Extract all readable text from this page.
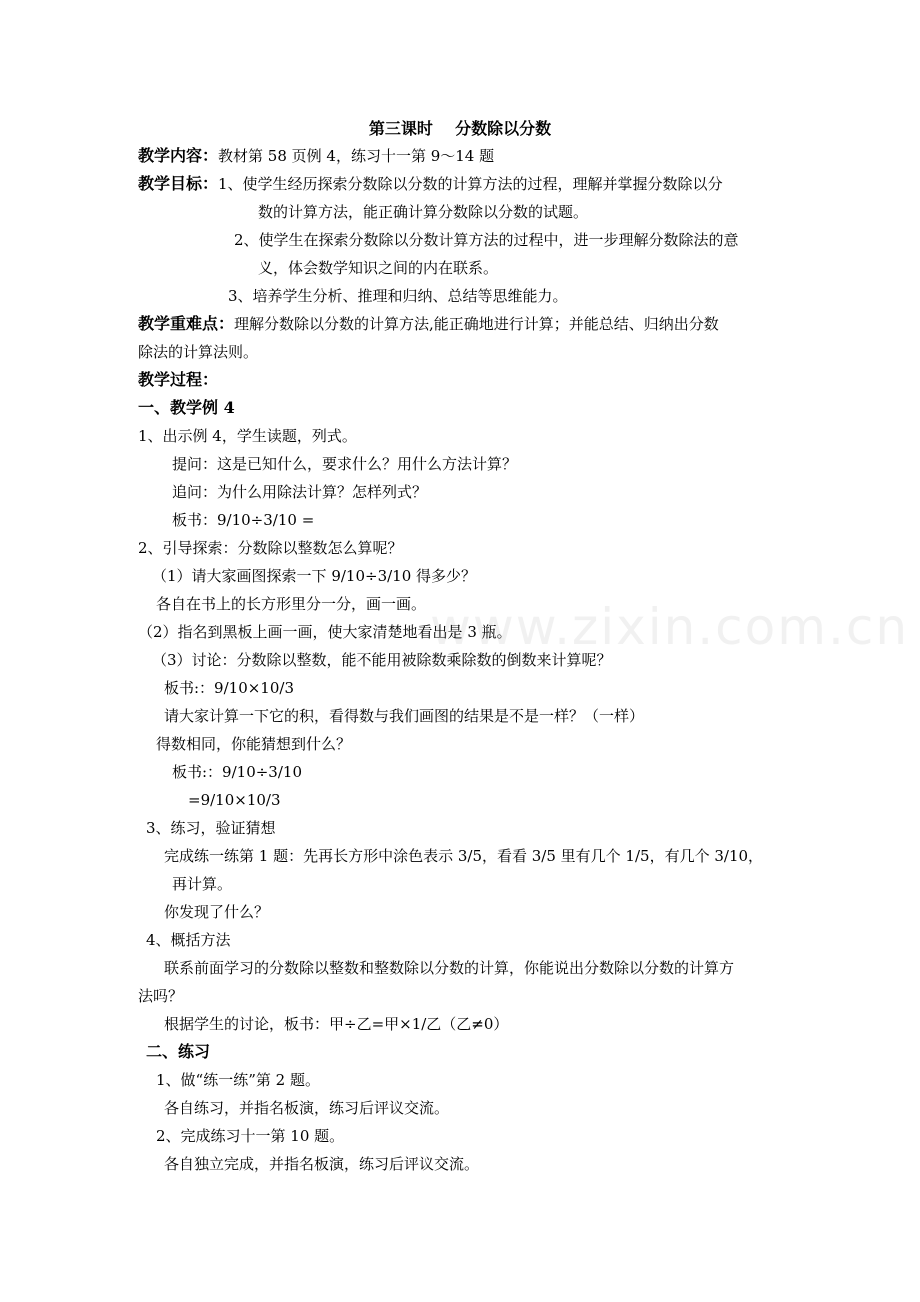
www.zixin.com.cn
第三课时    分数除以分数
教学内容：教材第 58 页例 4，练习十一第 9～14 题
教学目标：1、使学生经历探索分数除以分数的计算方法的过程，理解并掌握分数除以分
数的计算方法，能正确计算分数除以分数的试题。
2、使学生在探索分数除以分数计算方法的过程中，进一步理解分数除法的意
义，体会数学知识之间的内在联系。
3、培养学生分析、推理和归纳、总结等思维能力。
教学重难点：理解分数除以分数的计算方法,能正确地进行计算；并能总结、归纳出分数
除法的计算法则。
教学过程：
一、教学例 4
1、出示例 4，学生读题，列式。
提问：这是已知什么，要求什么？用什么方法计算？
追问：为什么用除法计算？怎样列式？
板书：9/10÷3/10 =
2、引导探索：分数除以整数怎么算呢？
（1）请大家画图探索一下 9/10÷3/10 得多少？
各自在书上的长方形里分一分，画一画。
（2）指名到黑板上画一画，使大家清楚地看出是 3 瓶。
（3）讨论：分数除以整数，能不能用被除数乘除数的倒数来计算呢？
板书:：9/10×10/3
请大家计算一下它的积，看得数与我们画图的结果是不是一样？（一样）
得数相同，你能猜想到什么？
板书:：9/10÷3/10
=9/10×10/3
3、练习，验证猜想
完成练一练第 1 题：先再长方形中涂色表示 3/5，看看 3/5 里有几个 1/5，有几个 3/10，
再计算。
你发现了什么？
4、概括方法
联系前面学习的分数除以整数和整数除以分数的计算，你能说出分数除以分数的计算方
法吗？
根据学生的讨论，板书：甲÷乙=甲×1/乙（乙≠0）
二、练习
1、做“练一练”第 2 题。
各自练习，并指名板演，练习后评议交流。
2、完成练习十一第 10 题。
各自独立完成，并指名板演，练习后评议交流。
